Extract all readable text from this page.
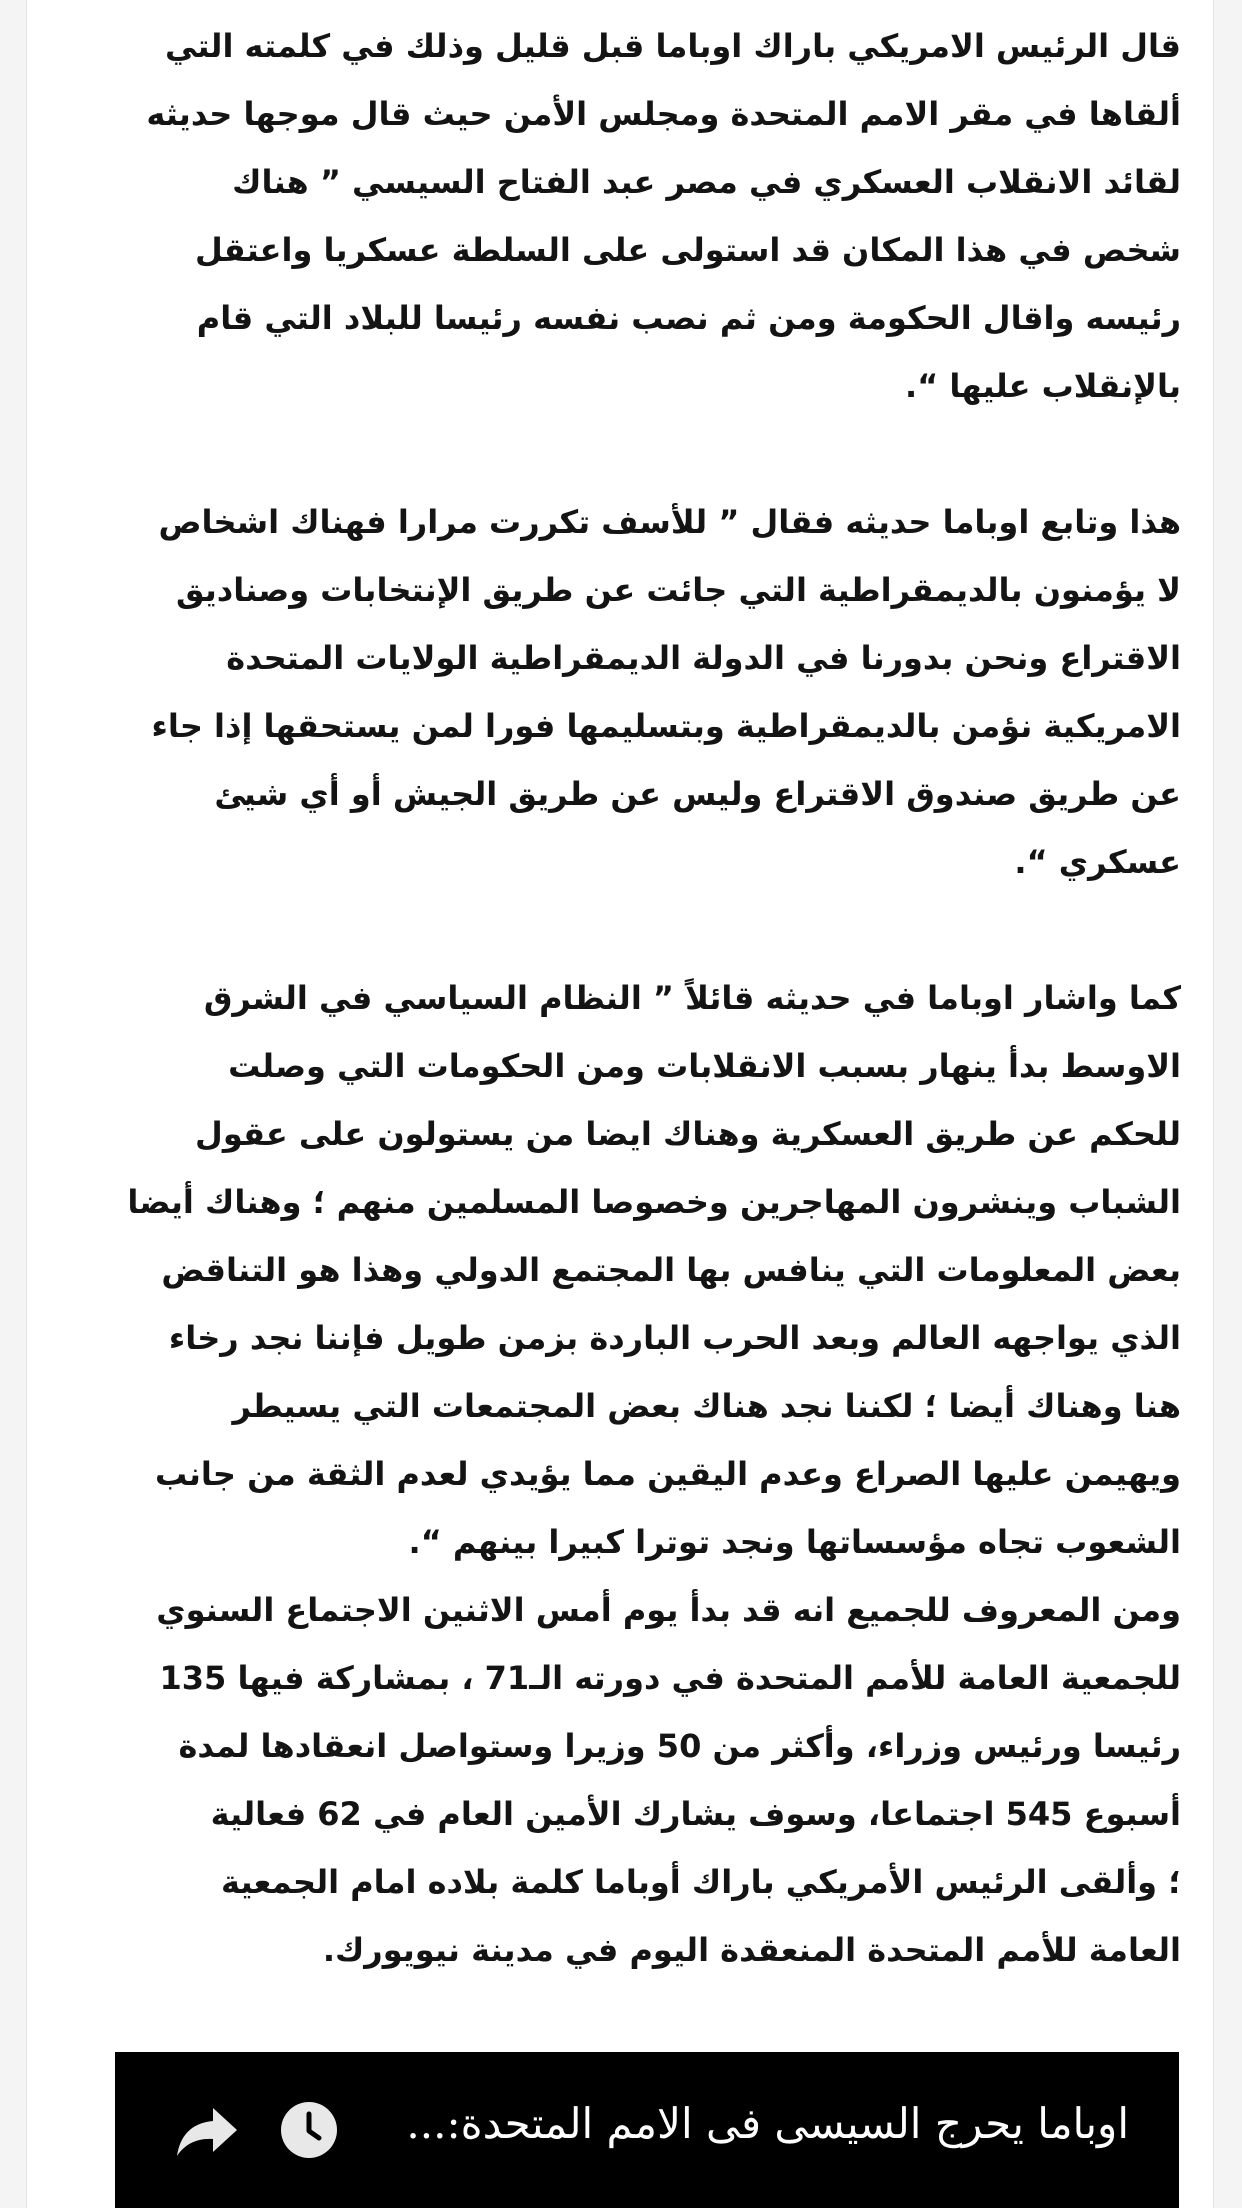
قال الرئيس الامريكي باراك اوباما قبل قليل وذلك في كلمته التي
ألقاها في مقر الامم المتحدة ومجلس الأمن حيث قال موجها حديثه
لقائد الانقلاب العسكري في مصر عبد الفتاح السيسي ” هناك
شخص في هذا المكان قد استولى على السلطة عسكريا واعتقل
رئيسه واقال الحكومة ومن ثم نصب نفسه رئيسا للبلاد التي قام
بالإنقلاب عليها “.

هذا وتابع اوباما حديثه فقال ” للأسف تكررت مرارا فهناك اشخاص
لا يؤمنون بالديمقراطية التي جائت عن طريق الإنتخابات وصناديق
الاقتراع ونحن بدورنا في الدولة الديمقراطية الولايات المتحدة
الامريكية نؤمن بالديمقراطية وبتسليمها فورا لمن يستحقها إذا جاء
عن طريق صندوق الاقتراع وليس عن طريق الجيش أو أي شيئ
عسكري “.

كما واشار اوباما في حديثه قائلاً ” النظام السياسي في الشرق
الاوسط بدأ ينهار بسبب الانقلابات ومن الحكومات التي وصلت
للحكم عن طريق العسكرية وهناك ايضا من يستولون على عقول
الشباب وينشرون المهاجرين وخصوصا المسلمين منهم ؛ وهناك أيضا
بعض المعلومات التي ينافس بها المجتمع الدولي وهذا هو التناقض
الذي يواجهه العالم وبعد الحرب الباردة بزمن طويل فإننا نجد رخاء
هنا وهناك أيضا ؛ لكننا نجد هناك بعض المجتمعات التي يسيطر
ويهيمن عليها الصراع وعدم اليقين مما يؤيدي لعدم الثقة من جانب
الشعوب تجاه مؤسساتها ونجد توترا كبيرا بينهم “.

ومن المعروف للجميع انه قد بدأ يوم أمس الاثنين الاجتماع السنوي
للجمعية العامة للأمم المتحدة في دورته الـ71 ، بمشاركة فيها 135
رئيسا ورئيس وزراء، وأكثر من 50 وزيرا وستواصل انعقادها لمدة
أسبوع 545 اجتماعا، وسوف يشارك الأمين العام في 62 فعالية
؛ وألقى الرئيس الأمريكي باراك أوباما كلمة بلاده امام الجمعية
العامة للأمم المتحدة المنعقدة اليوم في مدينة نيويورك.

اوباما يحرج السيسى فى الامم المتحدة:...
